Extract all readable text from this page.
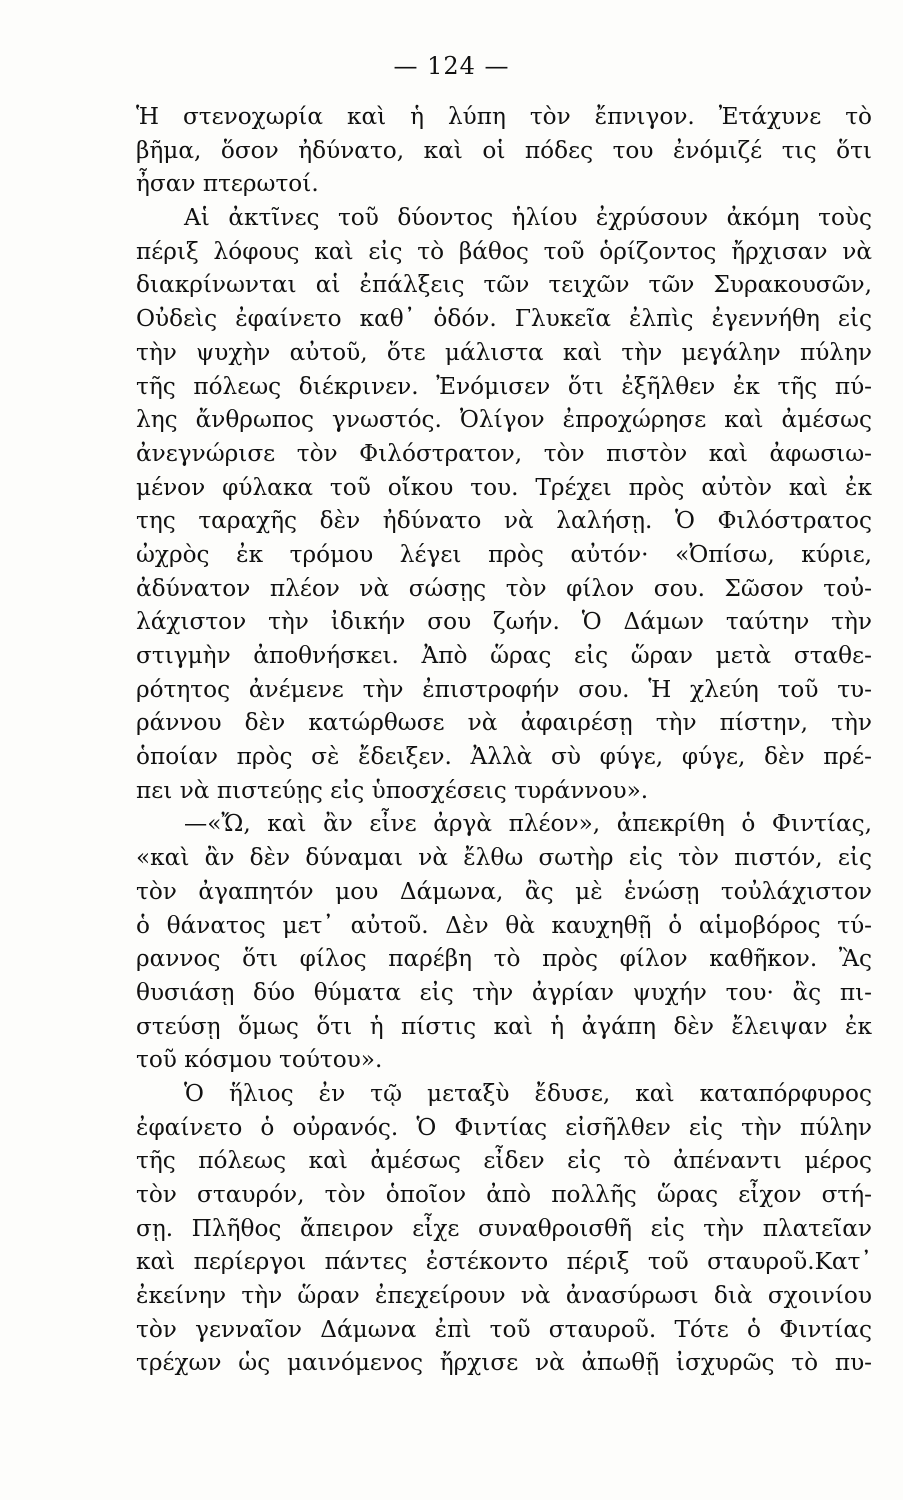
— 124 —
Ἡ στενοχωρία καὶ ἡ λύπη τὸν ἔπνιγον. Ἐτάχυνε τὸ
βῆμα, ὅσον ἠδύνατο, καὶ οἱ πόδες του ἐνόμιζέ τις ὅτι
ἦσαν πτερωτοί.
Αἱ ἀκτῖνες τοῦ δύοντος ἡλίου ἐχρύσουν ἀκόμη τοὺς
πέριξ λόφους καὶ εἰς τὸ βάθος τοῦ ὁρίζοντος ἤρχισαν νὰ
διακρίνωνται αἱ ἐπάλξεις τῶν τειχῶν τῶν Συρακουσῶν,
Οὐδεὶς ἐφαίνετο καθ᾽ ὁδόν. Γλυκεῖα ἐλπὶς ἐγεννήθη εἰς
τὴν ψυχὴν αὐτοῦ, ὅτε μάλιστα καὶ τὴν μεγάλην πύλην
τῆς πόλεως διέκρινεν. Ἐνόμισεν ὅτι ἐξῆλθεν ἐκ τῆς πύ-
λης ἄνθρωπος γνωστός. Ὀλίγον ἐπροχώρησε καὶ ἀμέσως
ἀνεγνώρισε τὸν Φιλόστρατον, τὸν πιστὸν καὶ ἀφωσιω-
μένον φύλακα τοῦ οἴκου του. Τρέχει πρὸς αὐτὸν καὶ ἐκ
της ταραχῆς δὲν ἠδύνατο νὰ λαλήσῃ. Ὁ Φιλόστρατος
ὠχρὸς ἐκ τρόμου λέγει πρὸς αὐτόν· «Ὀπίσω, κύριε,
ἀδύνατον πλέον νὰ σώσῃς τὸν φίλον σου. Σῶσον τοὐ-
λάχιστον τὴν ἰδικήν σου ζωήν. Ὁ Δάμων ταύτην τὴν
στιγμὴν ἀποθνήσκει. Ἀπὸ ὥρας εἰς ὥραν μετὰ σταθε-
ρότητος ἀνέμενε τὴν ἐπιστροφήν σου. Ἡ χλεύη τοῦ τυ-
ράννου δὲν κατώρθωσε νὰ ἀφαιρέσῃ τὴν πίστην, τὴν
ὁποίαν πρὸς σὲ ἔδειξεν. Ἀλλὰ σὺ φύγε, φύγε, δὲν πρέ-
πει νὰ πιστεύῃς εἰς ὑποσχέσεις τυράννου».
—«Ὤ, καὶ ἂν εἶνε ἀργὰ πλέον», ἀπεκρίθη ὁ Φιντίας,
«καὶ ἂν δὲν δύναμαι νὰ ἔλθω σωτὴρ εἰς τὸν πιστόν, εἰς
τὸν ἀγαπητόν μου Δάμωνα, ἂς μὲ ἑνώσῃ τοὐλάχιστον
ὁ θάνατος μετ᾽ αὐτοῦ. Δὲν θὰ καυχηθῇ ὁ αἱμοβόρος τύ-
ραννος ὅτι φίλος παρέβη τὸ πρὸς φίλον καθῆκον. Ἂς
θυσιάσῃ δύο θύματα εἰς τὴν ἀγρίαν ψυχήν του· ἂς πι-
στεύσῃ ὅμως ὅτι ἡ πίστις καὶ ἡ ἀγάπη δὲν ἔλειψαν ἐκ
τοῦ κόσμου τούτου».
Ὁ ἥλιος ἐν τῷ μεταξὺ ἔδυσε, καὶ καταπόρφυρος
ἐφαίνετο ὁ οὐρανός. Ὁ Φιντίας εἰσῆλθεν εἰς τὴν πύλην
τῆς πόλεως καὶ ἀμέσως εἶδεν εἰς τὸ ἀπέναντι μέρος
τὸν σταυρόν, τὸν ὁποῖον ἀπὸ πολλῆς ὥρας εἶχον στή-
σῃ. Πλῆθος ἄπειρον εἶχε συναθροισθῆ εἰς τὴν πλατεῖαν
καὶ περίεργοι πάντες ἐστέκοντο πέριξ τοῦ σταυροῦ.Κατ᾽
ἐκείνην τὴν ὥραν ἐπεχείρουν νὰ ἀνασύρωσι διὰ σχοινίου
τὸν γενναῖον Δάμωνα ἐπὶ τοῦ σταυροῦ. Τότε ὁ Φιντίας
τρέχων ὡς μαινόμενος ἤρχισε νὰ ἀπωθῇ ἰσχυρῶς τὸ πυ-
